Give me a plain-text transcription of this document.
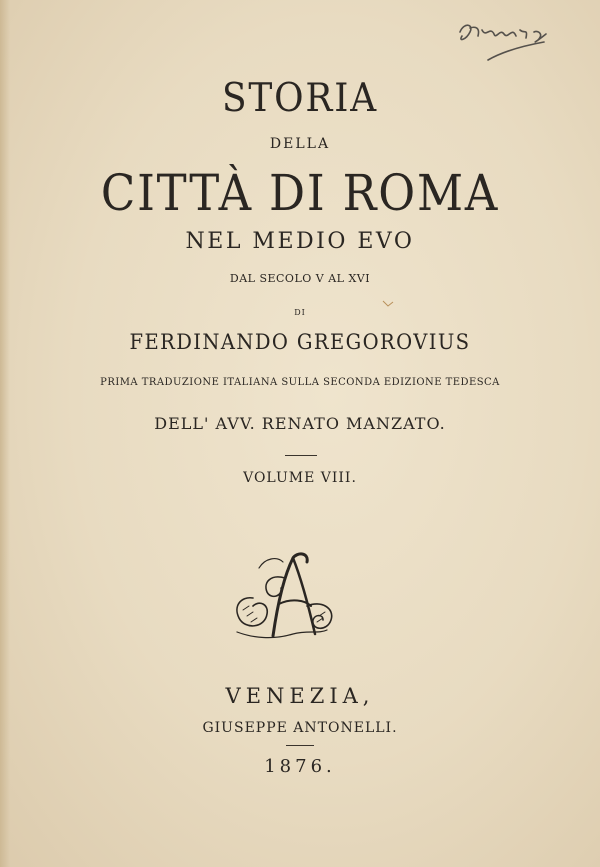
STORIA
DELLA
CITTÀ DI ROMA
NEL MEDIO EVO
DAL SECOLO V AL XVI
DI
FERDINANDO GREGOROVIUS
PRIMA TRADUZIONE ITALIANA SULLA SECONDA EDIZIONE TEDESCA
DELL' AVV. RENATO MANZATO.
VOLUME VIII.
VENEZIA,
GIUSEPPE ANTONELLI.
1876.
